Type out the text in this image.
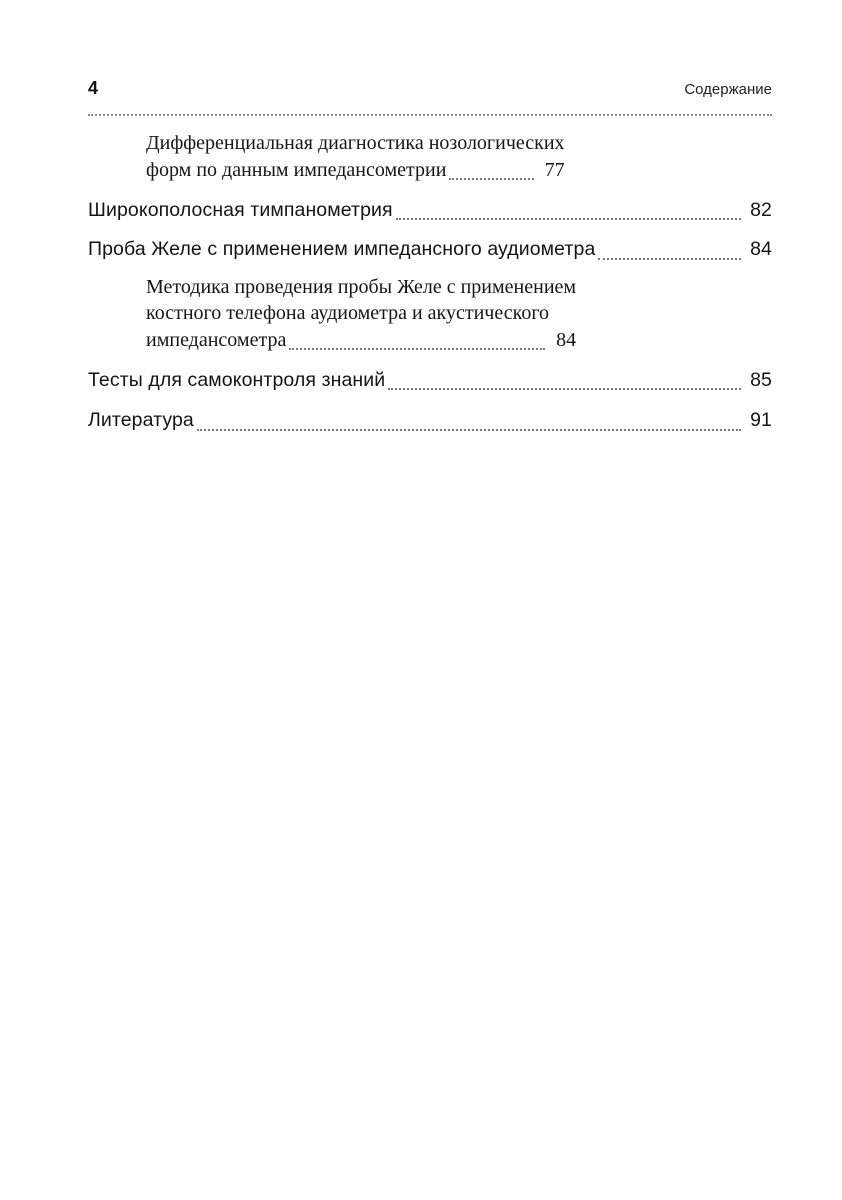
4	Содержание
Дифференциальная диагностика нозологических
форм по данным импедансометрии	77
Широкополосная тимпанометрия	82
Проба Желе с применением импедансного аудиометра	84
Методика проведения пробы Желе с применением
костного телефона аудиометра и акустического
импедансометра	84
Тесты для самоконтроля знаний	85
Литература	91
